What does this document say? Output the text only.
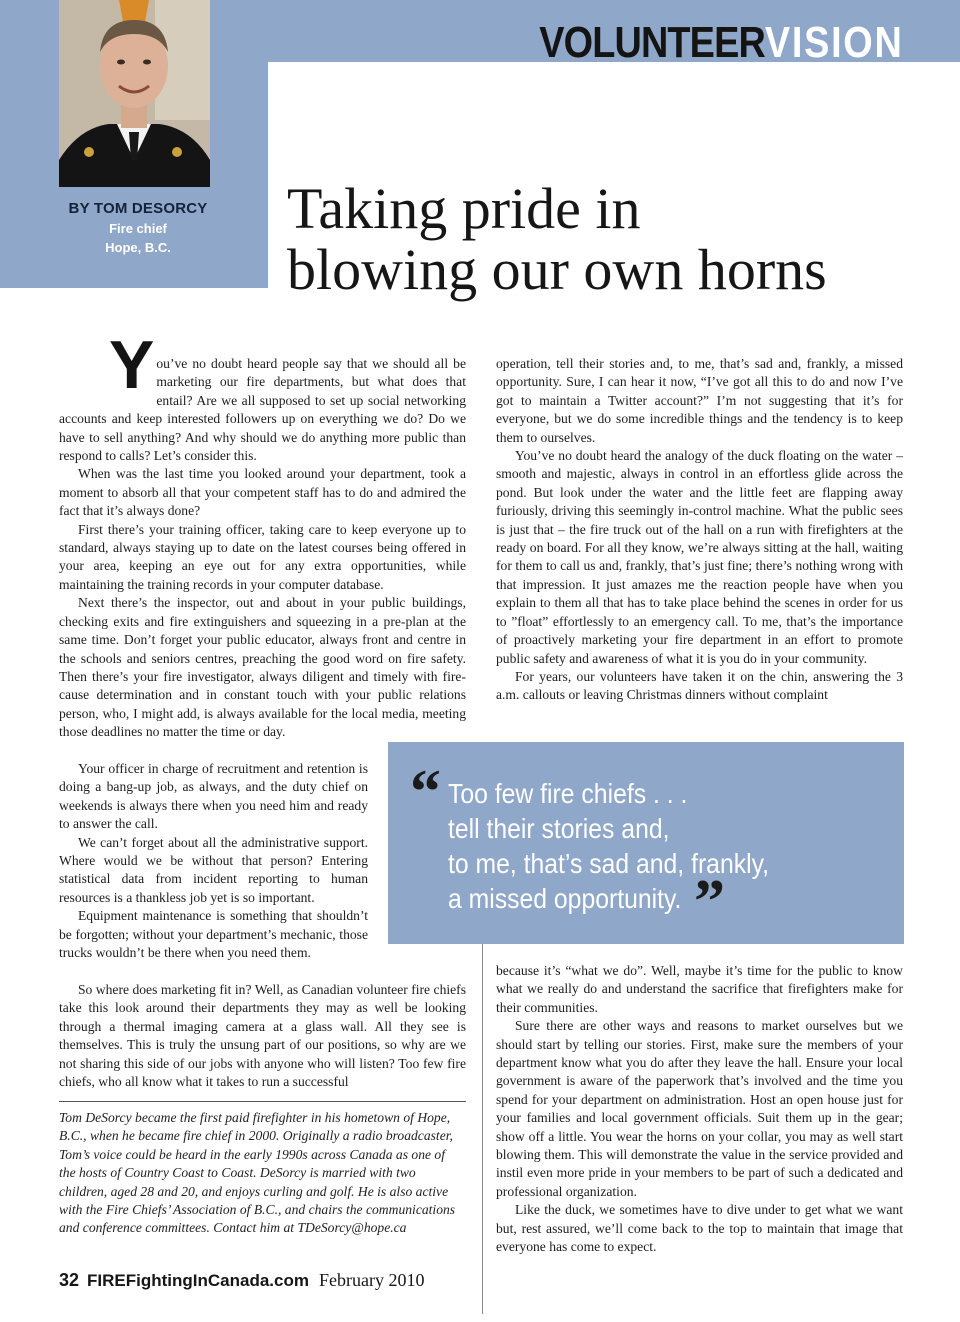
VOLUNTEERVISION
BY TOM DESORCY
Fire chief
Hope, B.C.
Taking pride in
blowing our own horns

You’ve no doubt heard people say that we should all be marketing our fire departments, but what does that entail? Are we all supposed to set up social networking accounts and keep interested followers up on everything we do? Do we have to sell anything? And why should we do anything more public than respond to calls? Let’s consider this.

When was the last time you looked around your department, took a moment to absorb all that your competent staff has to do and admired the fact that it’s always done?

First there’s your training officer, taking care to keep everyone up to standard, always staying up to date on the latest courses being offered in your area, keeping an eye out for any extra opportunities, while maintaining the training records in your computer database.

Next there’s the inspector, out and about in your public buildings, checking exits and fire extinguishers and squeezing in a pre-plan at the same time. Don’t forget your public educator, always front and centre in the schools and seniors centres, preaching the good word on fire safety. Then there’s your fire investigator, always diligent and timely with fire-cause determination and in constant touch with your public relations person, who, I might add, is always available for the local media, meeting those deadlines no matter the time or day.

Your officer in charge of recruitment and retention is doing a bang-up job, as always, and the duty chief on weekends is always there when you need him and ready to answer the call.

We can’t forget about all the administrative support. Where would we be without that person? Entering statistical data from incident reporting to human resources is a thankless job yet is so important.

Equipment maintenance is something that shouldn’t be forgotten; without your department’s mechanic, those trucks wouldn’t be there when you need them.

So where does marketing fit in? Well, as Canadian volunteer fire chiefs take this look around their departments they may as well be looking through a thermal imaging camera at a glass wall. All they see is themselves. This is truly the unsung part of our positions, so why are we not sharing this side of our jobs with anyone who will listen? Too few fire chiefs, who all know what it takes to run a successful

operation, tell their stories and, to me, that’s sad and, frankly, a missed opportunity. Sure, I can hear it now, “I’ve got all this to do and now I’ve got to maintain a Twitter account?” I’m not suggesting that it’s for everyone, but we do some incredible things and the tendency is to keep them to ourselves.

You’ve no doubt heard the analogy of the duck floating on the water – smooth and majestic, always in control in an effortless glide across the pond. But look under the water and the little feet are flapping away furiously, driving this seemingly in-control machine. What the public sees is just that – the fire truck out of the hall on a run with firefighters at the ready on board. For all they know, we’re always sitting at the hall, waiting for them to call us and, frankly, that’s just fine; there’s nothing wrong with that impression. It just amazes me the reaction people have when you explain to them all that has to take place behind the scenes in order for us to ”float” effortlessly to an emergency call. To me, that’s the importance of proactively marketing your fire department in an effort to promote public safety and awareness of what it is you do in your community.

For years, our volunteers have taken it on the chin, answering the 3 a.m. callouts or leaving Christmas dinners without complaint

“ Too few fire chiefs . . .
tell their stories and,
to me, that’s sad and, frankly,
a missed opportunity. ”

because it’s “what we do”. Well, maybe it’s time for the public to know what we really do and understand the sacrifice that firefighters make for their communities.

Sure there are other ways and reasons to market ourselves but we should start by telling our stories. First, make sure the members of your department know what you do after they leave the hall. Ensure your local government is aware of the paperwork that’s involved and the time you spend for your department on administration. Host an open house just for your families and local government officials. Suit them up in the gear; show off a little. You wear the horns on your collar, you may as well start blowing them. This will demonstrate the value in the service provided and instil even more pride in your members to be part of such a dedicated and professional organization.

Like the duck, we sometimes have to dive under to get what we want but, rest assured, we’ll come back to the top to maintain that image that everyone has come to expect.

Tom DeSorcy became the first paid firefighter in his hometown of Hope, B.C., when he became fire chief in 2000. Originally a radio broadcaster, Tom’s voice could be heard in the early 1990s across Canada as one of the hosts of Country Coast to Coast. DeSorcy is married with two children, aged 28 and 20, and enjoys curling and golf. He is also active with the Fire Chiefs’ Association of B.C., and chairs the communications and conference committees. Contact him at TDeSorcy@hope.ca
32 FIREFightingInCanada.com February 2010
